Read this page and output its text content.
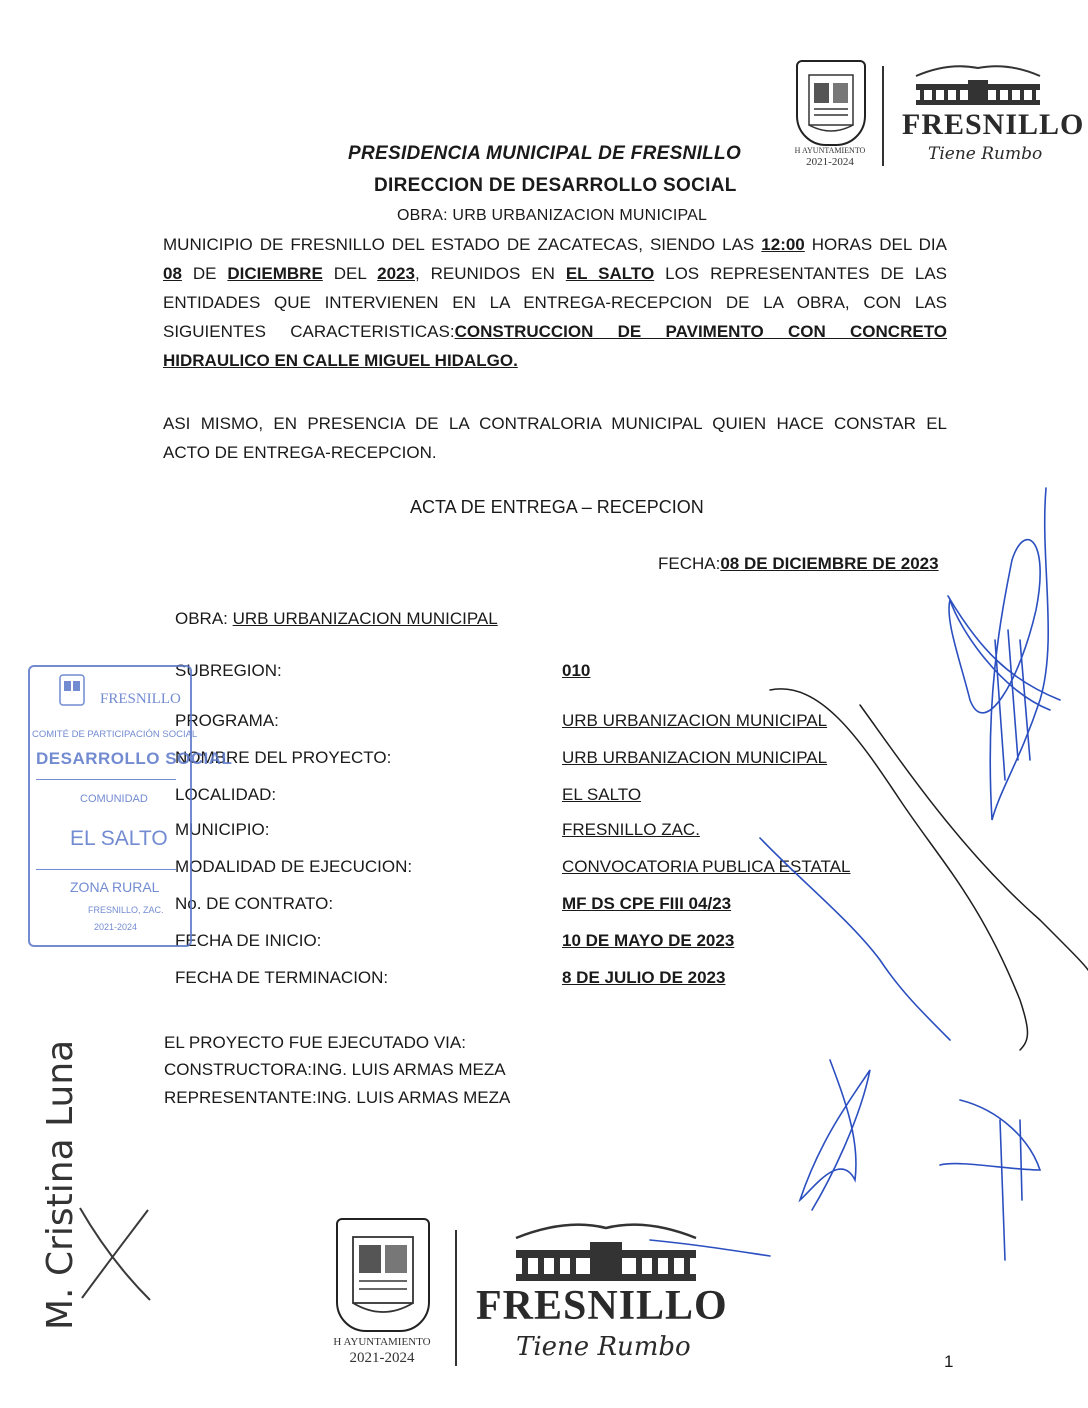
H AYUNTAMIENTO
2021-2024
FRESNILLO
Tiene Rumbo
PRESIDENCIA MUNICIPAL DE FRESNILLO
DIRECCION DE DESARROLLO SOCIAL
OBRA: URB URBANIZACION MUNICIPAL
MUNICIPIO DE FRESNILLO DEL ESTADO DE ZACATECAS, SIENDO LAS 12:00 HORAS DEL DIA
08 DE DICIEMBRE DEL 2023, REUNIDOS EN EL SALTO LOS REPRESENTANTES DE LAS
ENTIDADES QUE INTERVIENEN EN LA ENTREGA-RECEPCION DE LA OBRA, CON LAS
SIGUIENTES CARACTERISTICAS:CONSTRUCCION DE PAVIMENTO CON CONCRETO
HIDRAULICO EN CALLE MIGUEL HIDALGO.
ASI MISMO, EN PRESENCIA DE LA CONTRALORIA MUNICIPAL QUIEN HACE CONSTAR EL
ACTO DE ENTREGA-RECEPCION.
ACTA DE ENTREGA – RECEPCION
FECHA:08 DE DICIEMBRE DE 2023
OBRA: URB URBANIZACION MUNICIPAL
SUBREGION:	010
PROGRAMA:	URB URBANIZACION MUNICIPAL
NOMBRE DEL PROYECTO:	URB URBANIZACION MUNICIPAL
LOCALIDAD:	EL SALTO
MUNICIPIO:	FRESNILLO ZAC.
MODALIDAD DE EJECUCION:	CONVOCATORIA PUBLICA ESTATAL
No. DE CONTRATO:	MF DS CPE FIII 04/23
FECHA DE INICIO:	10 DE MAYO DE 2023
FECHA DE TERMINACION:	8 DE JULIO DE 2023
EL PROYECTO FUE EJECUTADO VIA:
CONSTRUCTORA:ING. LUIS ARMAS MEZA
REPRESENTANTE:ING. LUIS ARMAS MEZA
FRESNILLO
COMITÉ DE PARTICIPACIÓN SOCIAL
DESARROLLO SOCIAL
COMUNIDAD
EL SALTO
ZONA RURAL
FRESNILLO, ZAC.
2021-2024
M. Cristina Luna
H AYUNTAMIENTO
2021-2024
FRESNILLO
Tiene Rumbo	1
